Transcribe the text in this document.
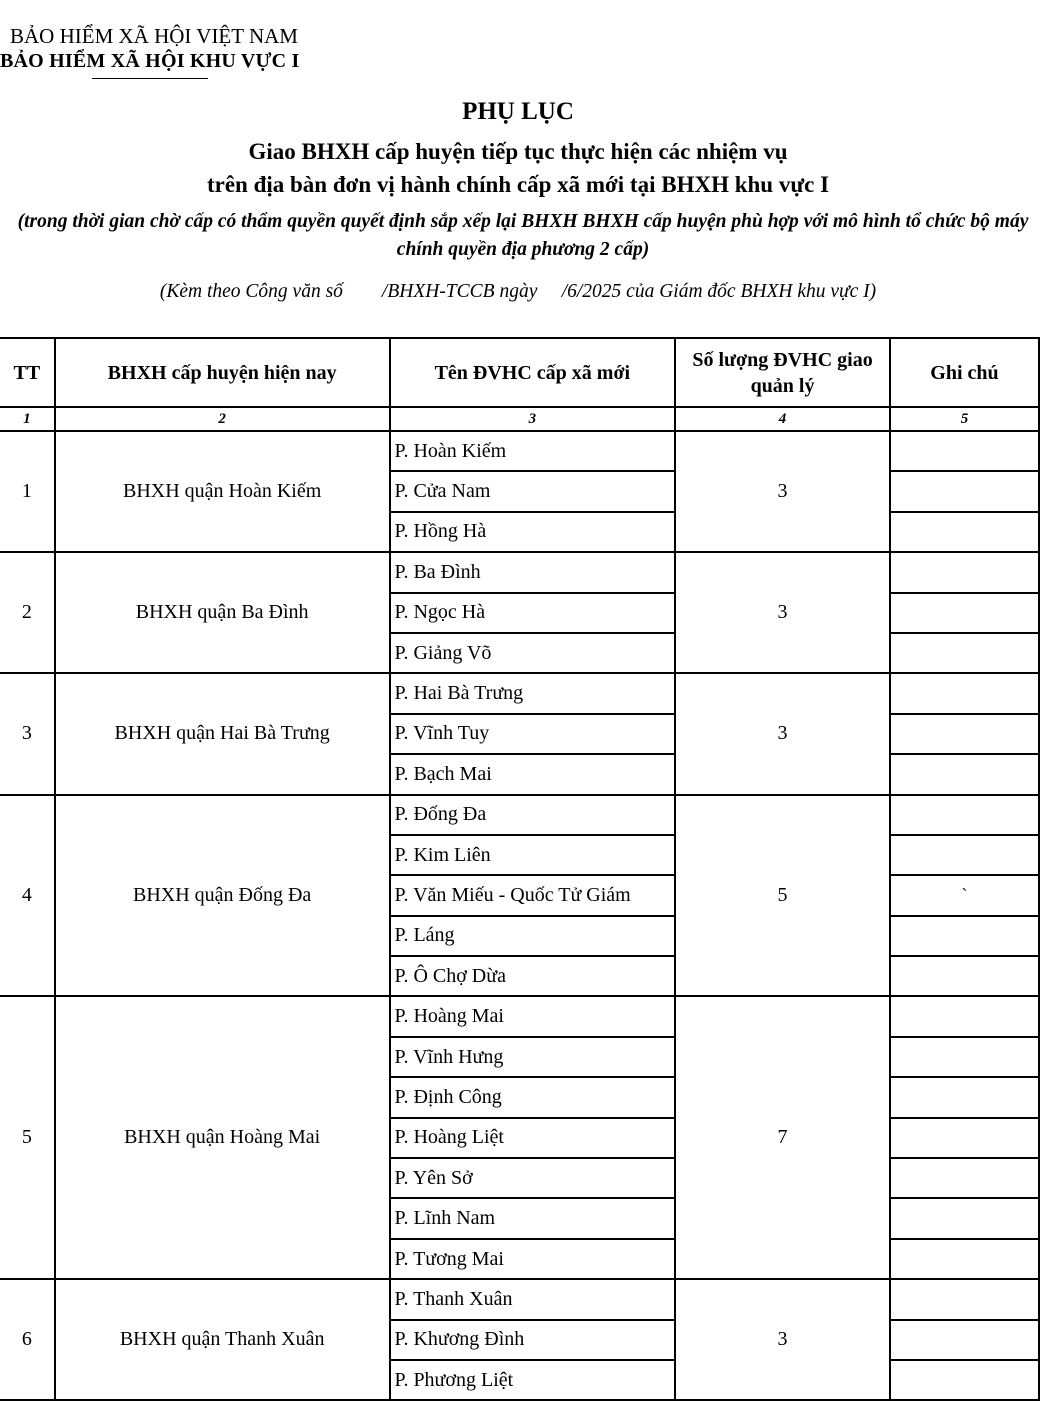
BẢO HIỂM XÃ HỘI VIỆT NAM
BẢO HIỂM XÃ HỘI KHU VỰC I
PHỤ LỤC
Giao BHXH cấp huyện tiếp tục thực hiện các nhiệm vụ
trên địa bàn đơn vị hành chính cấp xã mới tại BHXH khu vực I
(trong thời gian chờ cấp có thẩm quyền quyết định sắp xếp lại BHXH BHXH cấp huyện phù hợp với mô hình tổ chức bộ máy chính quyền địa phương 2 cấp)
(Kèm theo Công văn số        /BHXH-TCCB ngày     /6/2025 của Giám đốc BHXH khu vực I)
TT	BHXH cấp huyện hiện nay	Tên ĐVHC cấp xã mới	Số lượng ĐVHC giao quản lý	Ghi chú
1	2	3	4	5
1	BHXH quận Hoàn Kiếm	P. Hoàn Kiếm	3	
		P. Cửa Nam		
		P. Hồng Hà		
2	BHXH quận Ba Đình	P. Ba Đình	3	
		P. Ngọc Hà		
		P. Giảng Võ		
3	BHXH quận Hai Bà Trưng	P. Hai Bà Trưng	3	
		P. Vĩnh Tuy		
		P. Bạch Mai		
4	BHXH quận Đống Đa	P. Đống Đa	5	
		P. Kim Liên		
		P. Văn Miếu - Quốc Tử Giám		`
		P. Láng		
		P. Ô Chợ Dừa		
5	BHXH quận Hoàng Mai	P. Hoàng Mai	7	
		P. Vĩnh Hưng		
		P. Định Công		
		P. Hoàng Liệt		
		P. Yên Sở		
		P. Lĩnh Nam		
		P. Tương Mai		
6	BHXH quận Thanh Xuân	P. Thanh Xuân	3	
		P. Khương Đình		
		P. Phương Liệt		
